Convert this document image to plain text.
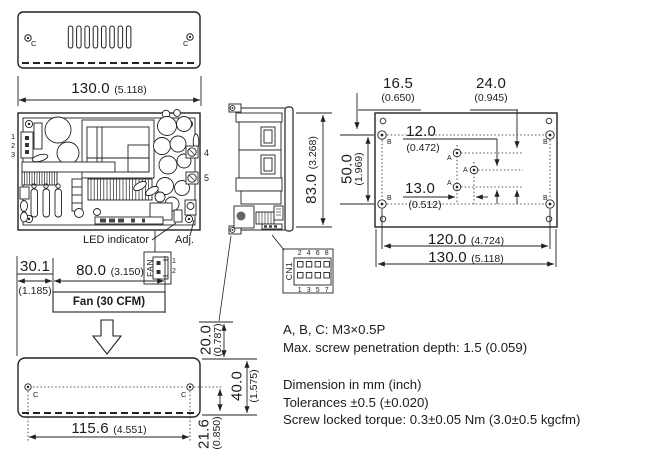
C	C
130.0 (5.118)
1
2
3	4
5
LED indicator Adj.
FAN 1
2	CN1
2 4 6 8
1 3 5 7
83.0 (3.268) 50.0
(1.969)
16.5
(0.650)
24.0
(0.945)
12.0
(0.472)
13.0
(0.512)
B	B
B	B
A
A
A
120.0 (4.724)
130.0 (5.118)
30.1
(1.185)
80.0 (3.150)
Fan (30 CFM)
115.6 (4.551)
C	C
20.0
(0.787)
40.0 (1.575)
21.6
(0.850)
A, B, C: M3×0.5P
Max. screw penetration depth: 1.5 (0.059)
Dimension in mm (inch)
Tolerances ±0.5 (±0.020)
Screw locked torque: 0.3±0.05 Nm (3.0±0.5 kgcfm)
